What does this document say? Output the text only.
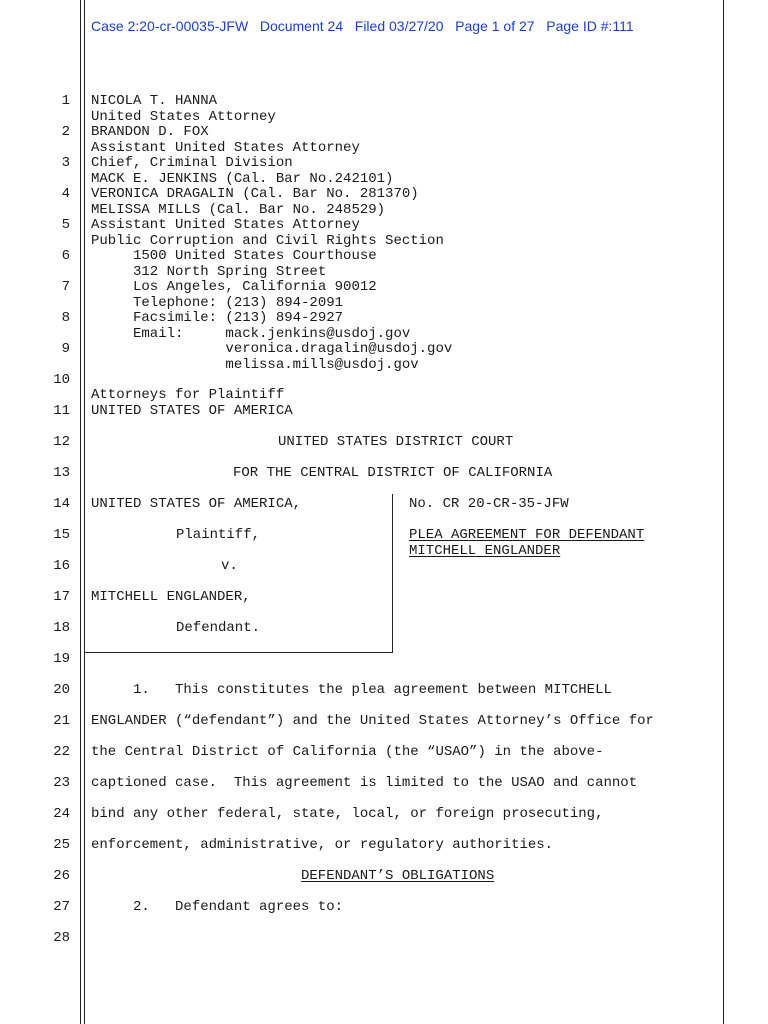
Case 2:20-cr-00035-JFW   Document 24   Filed 03/27/20   Page 1 of 27   Page ID #:111
1
2
3
4
5
6
7
8
9
10
11
12
13
14
15
16
17
18
19
20
21
22
23
24
25
26
27
28
NICOLA T. HANNA
United States Attorney
BRANDON D. FOX
Assistant United States Attorney
Chief, Criminal Division
MACK E. JENKINS (Cal. Bar No.242101)
VERONICA DRAGALIN (Cal. Bar No. 281370)
MELISSA MILLS (Cal. Bar No. 248529)
Assistant United States Attorney
Public Corruption and Civil Rights Section
1500 United States Courthouse
312 North Spring Street
Los Angeles, California 90012
Telephone: (213) 894-2091
Facsimile: (213) 894-2927
Email:     mack.jenkins@usdoj.gov
veronica.dragalin@usdoj.gov
melissa.mills@usdoj.gov
Attorneys for Plaintiff
UNITED STATES OF AMERICA
UNITED STATES DISTRICT COURT
FOR THE CENTRAL DISTRICT OF CALIFORNIA
UNITED STATES OF AMERICA,
Plaintiff,
v.
MITCHELL ENGLANDER,
Defendant.
No. CR 20-CR-35-JFW
PLEA AGREEMENT FOR DEFENDANT
MITCHELL ENGLANDER
1.   This constitutes the plea agreement between MITCHELL
ENGLANDER (“defendant”) and the United States Attorney’s Office for
the Central District of California (the “USAO”) in the above-
captioned case.  This agreement is limited to the USAO and cannot
bind any other federal, state, local, or foreign prosecuting,
enforcement, administrative, or regulatory authorities.
DEFENDANT’S OBLIGATIONS
2.   Defendant agrees to:
